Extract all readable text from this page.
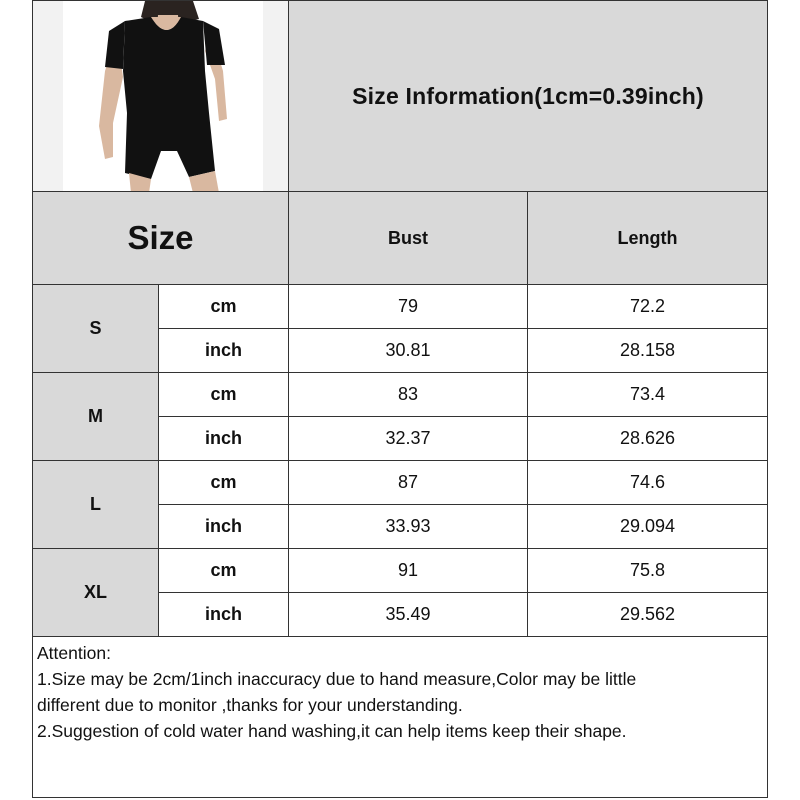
Size Information(1cm=0.39inch)
Size	Bust	Length
S
cm	79	72.2
inch	30.81	28.158
M
cm	83	73.4
inch	32.37	28.626
L
cm	87	74.6
inch	33.93	29.094
XL
cm	91	75.8
inch	35.49	29.562
Attention:
1.Size may be 2cm/1inch inaccuracy due to hand measure,Color may be little
different due to monitor ,thanks for your understanding.
2.Suggestion of cold water hand washing,it can help items keep their shape.
